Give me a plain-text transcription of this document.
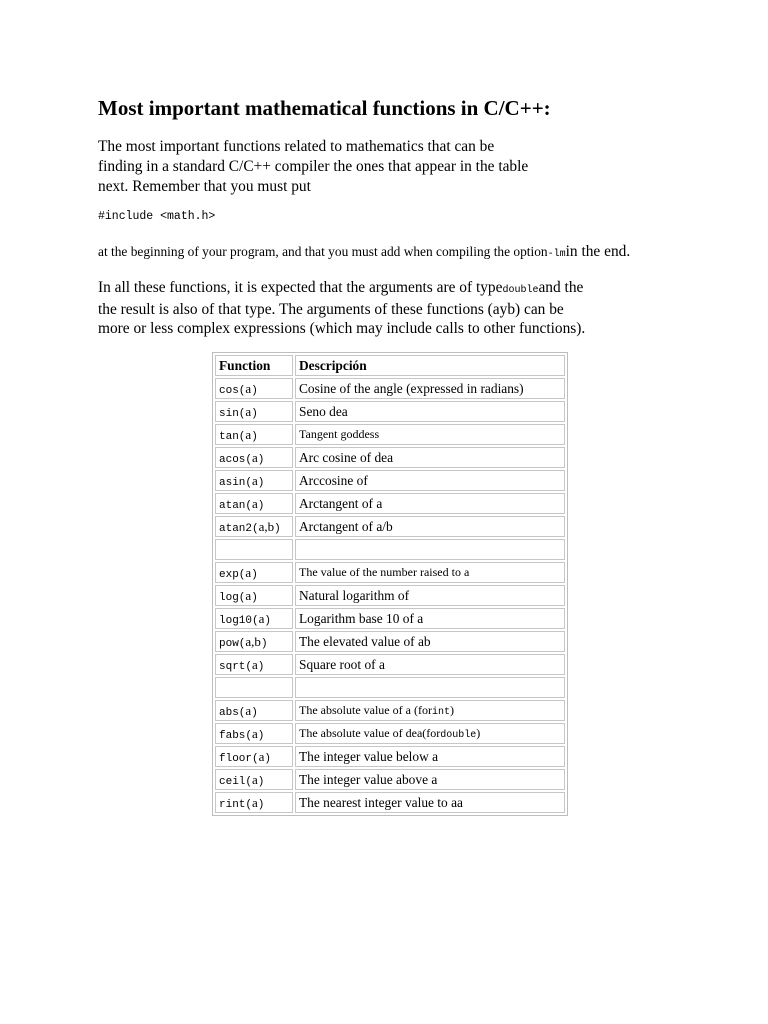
Most important mathematical functions in C/C++:

The most important functions related to mathematics that can be
finding in a standard C/C++ compiler the ones that appear in the table
next. Remember that you must put

#include <math.h>

at the beginning of your program, and that you must add when compiling the option-lmin the end.

In all these functions, it is expected that the arguments are of typedoubleand the
the result is also of that type. The arguments of these functions (ayb) can be
more or less complex expressions (which may include calls to other functions).

Function	Descripción
cos(a)	Cosine of the angle (expressed in radians)
sin(a)	Seno dea
tan(a)	Tangent goddess
acos(a)	Arc cosine of dea
asin(a)	Arccosine of
atan(a)	Arctangent of a
atan2(a,b)	Arctangent of a/b

exp(a)	The value of the number raised to a
log(a)	Natural logarithm of
log10(a)	Logarithm base 10 of a
pow(a,b)	The elevated value of ab
sqrt(a)	Square root of a

abs(a)	The absolute value of a (forint)
fabs(a)	The absolute value of dea(fordouble)
floor(a)	The integer value below a
ceil(a)	The integer value above a
rint(a)	The nearest integer value to aa
